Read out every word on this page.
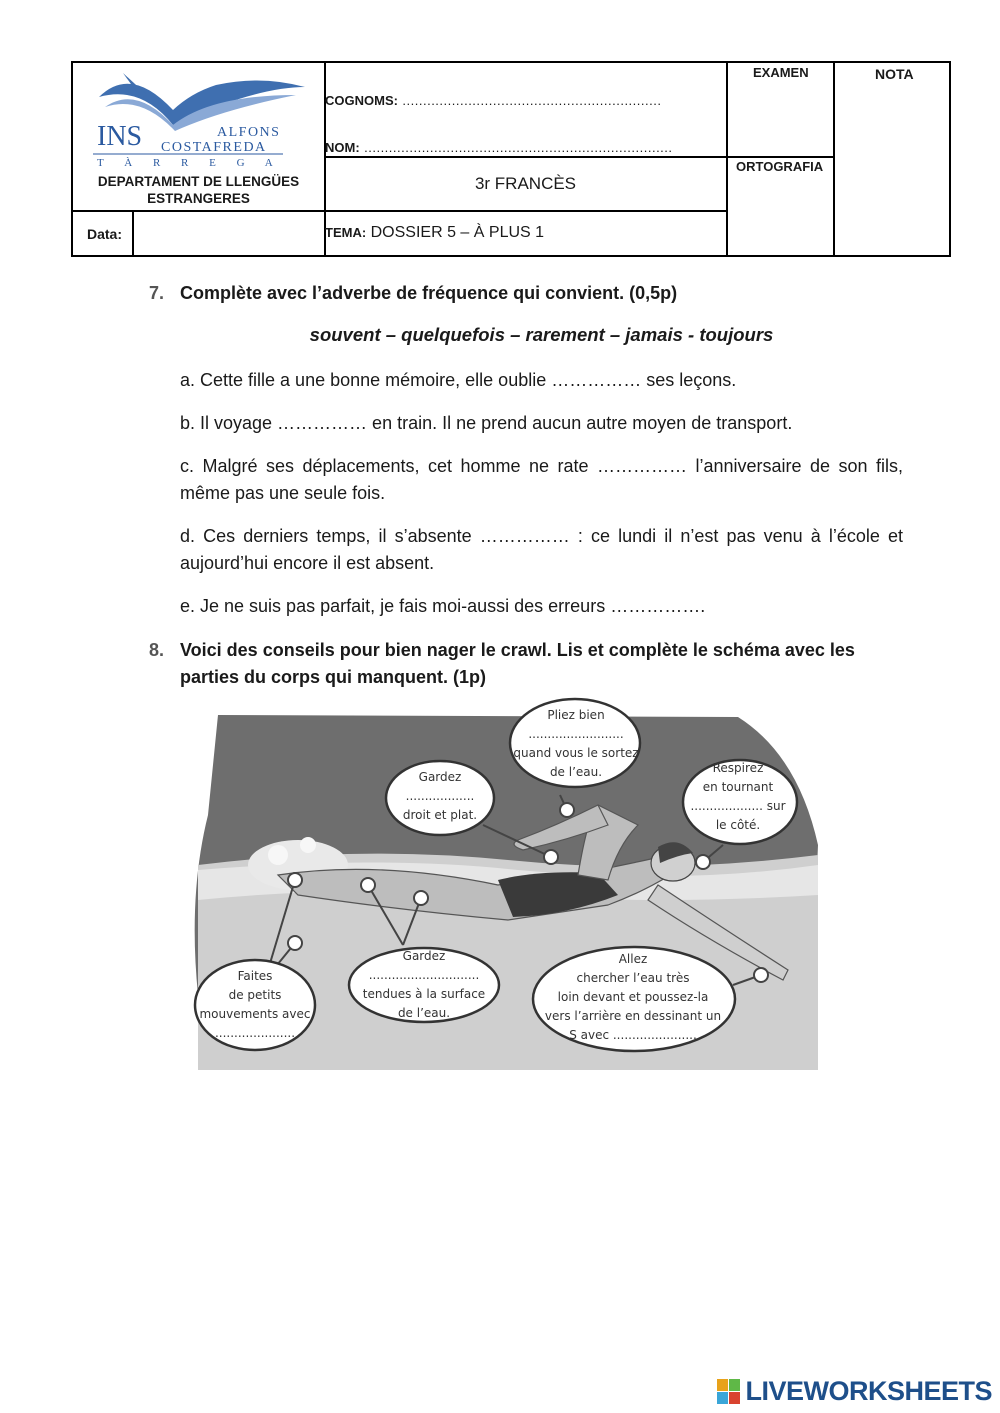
INS	ALFONS
COSTAFREDA
T À R R E G A
DEPARTAMENT DE LLENGÜES ESTRANGERES
COGNOMS: ...............................................................
NOM: ...........................................................................
3r FRANCÈS
Data:	TEMA: DOSSIER 5 – À PLUS 1
EXAMEN
ORTOGRAFIA
NOTA
7. Complète avec l’adverbe de fréquence qui convient. (0,5p)
souvent – quelquefois – rarement – jamais - toujours
a. Cette fille a une bonne mémoire, elle oublie …………… ses leçons.
b. Il voyage …………… en train. Il ne prend aucun autre moyen de transport.
c. Malgré ses déplacements, cet homme ne rate …………… l’anniversaire de son fils, même pas une seule fois.
d. Ces derniers temps, il s’absente …………… : ce lundi il n’est pas venu à l’école et aujourd’hui encore il est absent.
e. Je ne suis pas parfait, je fais moi-aussi des erreurs …………….
8. Voici des conseils pour bien nager le crawl. Lis et complète le schéma avec les parties du corps qui manquent. (1p)
Pliez bien
.........................
quand vous le sortez
de l’eau.
Gardez
..................
droit et plat.
Respirez
en tournant
................... sur
le côté.
Faites
de petits
mouvements avec
.....................
Gardez
.............................
tendues à la surface
de l’eau.
Allez
chercher l’eau très
loin devant et poussez-la
vers l’arrière en dessinant un
S avec ......................
LIVEWORKSHEETS
